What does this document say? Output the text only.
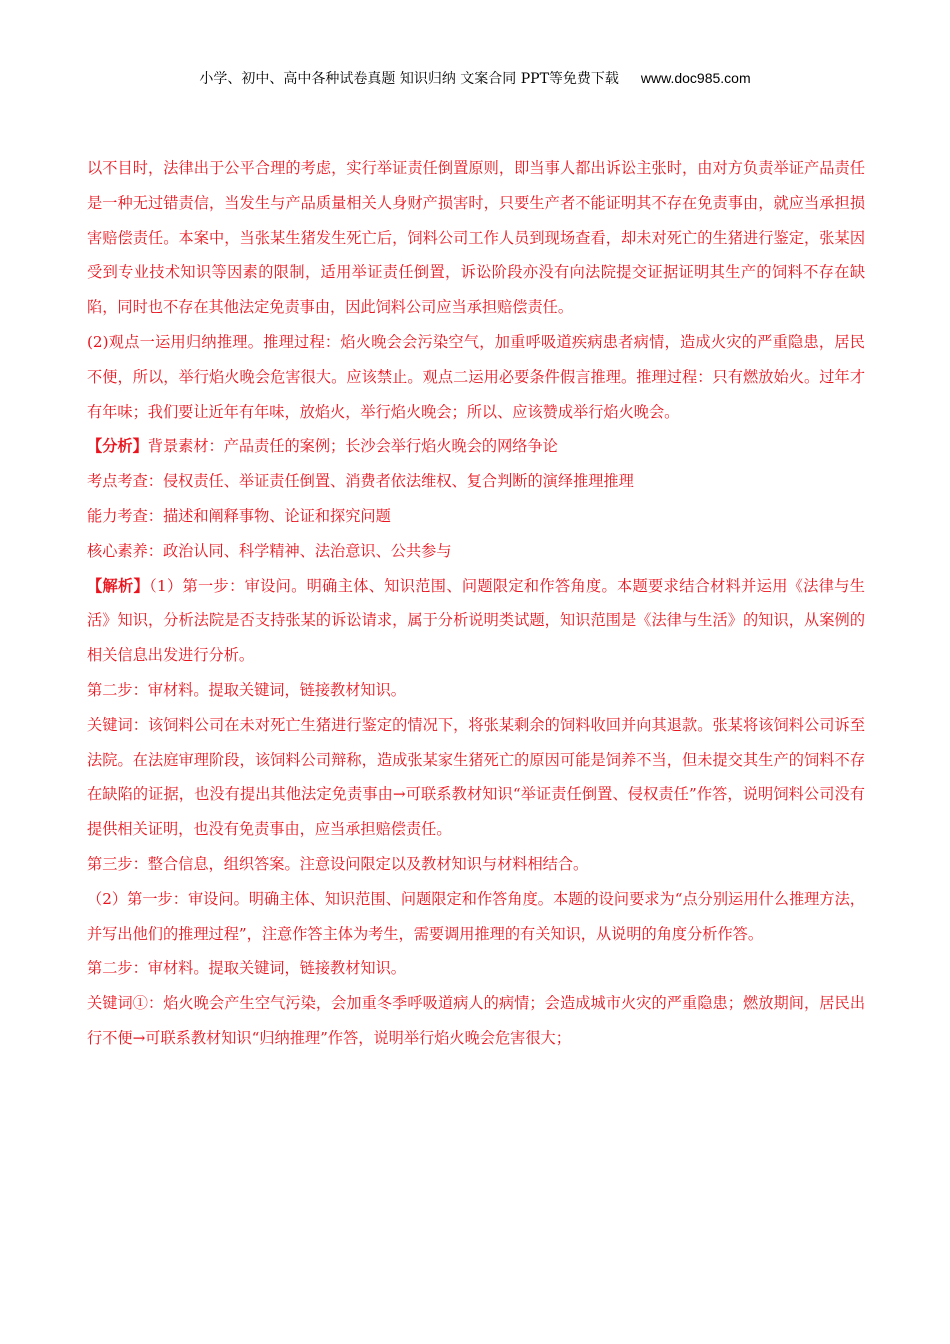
小学、初中、高中各种试卷真题 知识归纳 文案合同 PPT等免费下载 www.doc985.com

以不目时，法律出于公平合理的考虑，实行举证责任倒置原则，即当事人都出诉讼主张时，由对方负责举证产品责任是一种无过错责信，当发生与产品质量相关人身财产损害时，只要生产者不能证明其不存在免责事由，就应当承担损害赔偿责任。本案中，当张某生猪发生死亡后，饲料公司工作人员到现场查看，却未对死亡的生猪进行鉴定，张某因受到专业技术知识等因素的限制，适用举证责任倒置，诉讼阶段亦没有向法院提交证据证明其生产的饲料不存在缺陷，同时也不存在其他法定免责事由，因此饲料公司应当承担赔偿责任。

(2)观点一运用归纳推理。推理过程：焰火晚会会污染空气，加重呼吸道疾病患者病情，造成火灾的严重隐患，居民不便，所以，举行焰火晚会危害很大。应该禁止。观点二运用必要条件假言推理。推理过程：只有燃放始火。过年才有年味；我们要让近年有年味，放焰火，举行焰火晚会；所以、应该赞成举行焰火晚会。

【分析】背景素材：产品责任的案例；长沙会举行焰火晚会的网络争论

考点考查：侵权责任、举证责任倒置、消费者依法维权、复合判断的演绎推理推理

能力考查：描述和阐释事物、论证和探究问题

核心素养：政治认同、科学精神、法治意识、公共参与

【解析】（1）第一步：审设问。明确主体、知识范围、问题限定和作答角度。本题要求结合材料并运用《法律与生活》知识，分析法院是否支持张某的诉讼请求，属于分析说明类试题，知识范围是《法律与生活》的知识，从案例的相关信息出发进行分析。

第二步：审材料。提取关键词，链接教材知识。

关键词：该饲料公司在未对死亡生猪进行鉴定的情况下，将张某剩余的饲料收回并向其退款。张某将该饲料公司诉至法院。在法庭审理阶段，该饲料公司辩称，造成张某家生猪死亡的原因可能是饲养不当，但未提交其生产的饲料不存在缺陷的证据，也没有提出其他法定免责事由→可联系教材知识“举证责任倒置、侵权责任”作答，说明饲料公司没有提供相关证明，也没有免责事由，应当承担赔偿责任。

第三步：整合信息，组织答案。注意设问限定以及教材知识与材料相结合。

（2）第一步：审设问。明确主体、知识范围、问题限定和作答角度。本题的设问要求为“点分别运用什么推理方法，并写出他们的推理过程”，注意作答主体为考生，需要调用推理的有关知识，从说明的角度分析作答。

第二步：审材料。提取关键词，链接教材知识。

关键词①：焰火晚会产生空气污染，会加重冬季呼吸道病人的病情；会造成城市火灾的严重隐患；燃放期间，居民出行不便→可联系教材知识“归纳推理”作答，说明举行焰火晚会危害很大；
